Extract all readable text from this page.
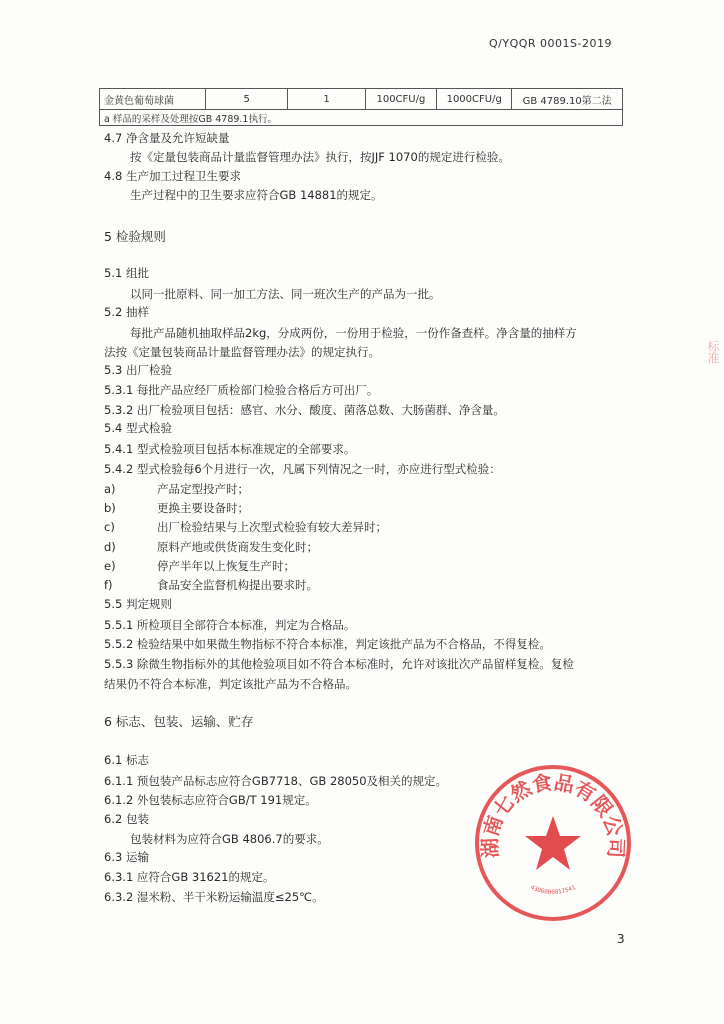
Q/YQQR 0001S-2019
金黄色葡萄球菌	5	1	100CFU/g	1000CFU/g	GB 4789.10第二法
a 样品的采样及处理按GB 4789.1执行。
4.7 净含量及允许短缺量
按《定量包装商品计量监督管理办法》执行，按JJF 1070的规定进行检验。
4.8 生产加工过程卫生要求
生产过程中的卫生要求应符合GB 14881的规定。
5 检验规则
5.1 组批
以同一批原料、同一加工方法、同一班次生产的产品为一批。
5.2 抽样
每批产品随机抽取样品2kg，分成两份，一份用于检验，一份作备查样。净含量的抽样方
法按《定量包装商品计量监督管理办法》的规定执行。
5.3 出厂检验
5.3.1 每批产品应经厂质检部门检验合格后方可出厂。
5.3.2 出厂检验项目包括：感官、水分、酸度、菌落总数、大肠菌群、净含量。
5.4 型式检验
5.4.1 型式检验项目包括本标准规定的全部要求。
5.4.2 型式检验每6个月进行一次，凡属下列情况之一时，亦应进行型式检验：
a)	产品定型投产时；
b)	更换主要设备时；
c)	出厂检验结果与上次型式检验有较大差异时；
d)	原料产地或供货商发生变化时；
e)	停产半年以上恢复生产时；
f)	食品安全监督机构提出要求时。
5.5 判定规则
5.5.1 所检项目全部符合本标准，判定为合格品。
5.5.2 检验结果中如果微生物指标不符合本标准，判定该批产品为不合格品，不得复检。
5.5.3 除微生物指标外的其他检验项目如不符合本标准时，允许对该批次产品留样复检。复检
结果仍不符合本标准，判定该批产品为不合格品。
6 标志、包装、运输、贮存
6.1 标志
6.1.1 预包装产品标志应符合GB7718、GB 28050及相关的规定。
6.1.2 外包装标志应符合GB/T 191规定。
6.2 包装
包装材料为应符合GB 4806.7的要求。
6.3 运输
6.3.1 应符合GB 31621的规定。
6.3.2 湿米粉、半干米粉运输温度≤25℃。
标准
湖南七然食品有限公司
4306000017541
3
